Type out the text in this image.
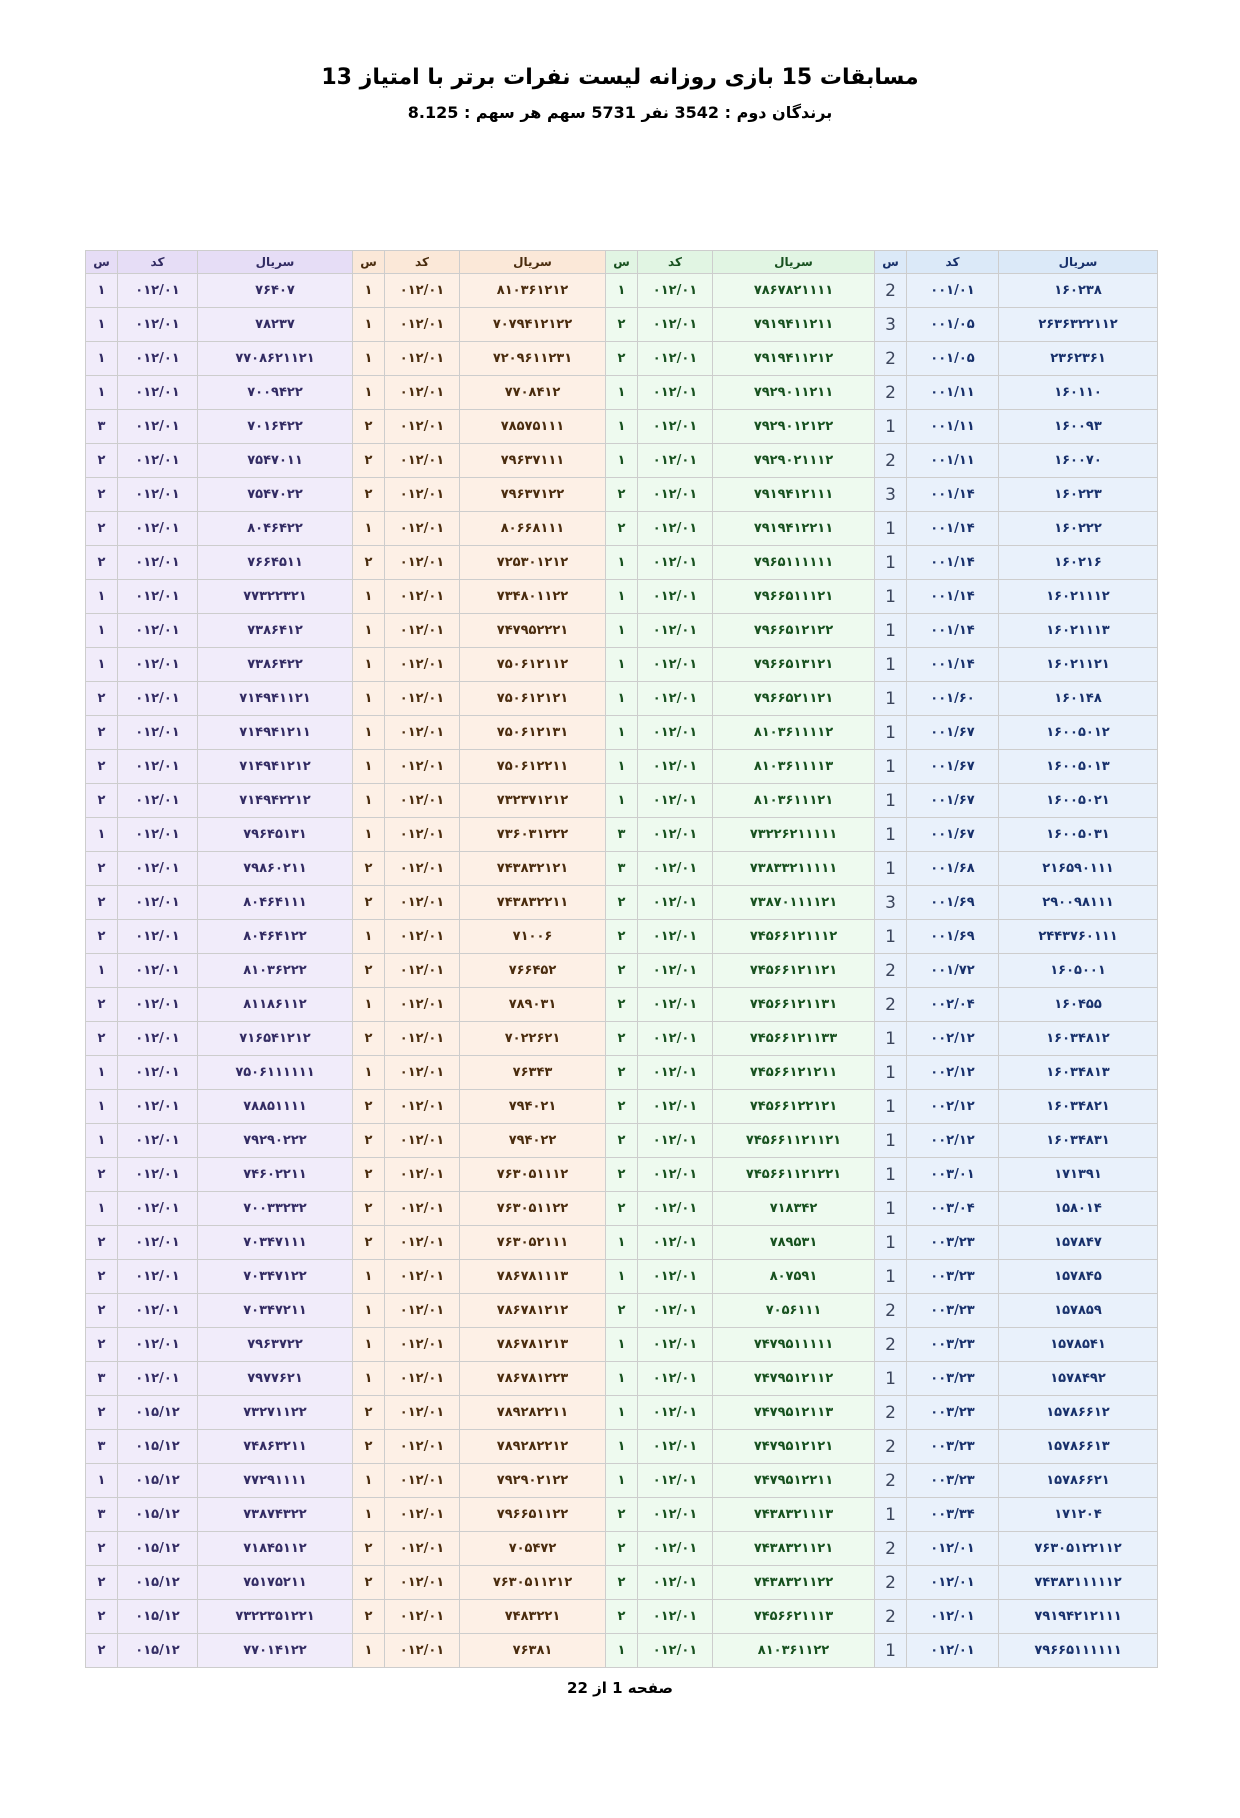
مسابقات 15 بازی روزانه لیست نفرات برتر با امتیاز 13
برندگان دوم : 3542 نفر 5731 سهم هر سهم : 8.125
س	کد	سریال	س	کد	سریال	س	کد	سریال	س	کد	سریال
۱	۰۱۲/۰۱	۷۶۴۰۷	۱	۰۱۲/۰۱	۸۱۰۳۶۱۲۱۲	۱	۰۱۲/۰۱	۷۸۶۷۸۲۱۱۱۱	2	۰۰۱/۰۱	۱۶۰۲۳۸
۱	۰۱۲/۰۱	۷۸۲۳۷	۱	۰۱۲/۰۱	۷۰۷۹۴۱۲۱۲۲	۲	۰۱۲/۰۱	۷۹۱۹۴۱۱۲۱۱	3	۰۰۱/۰۵	۲۶۳۶۳۲۲۱۱۲
۱	۰۱۲/۰۱	۷۷۰۸۶۲۱۱۲۱	۱	۰۱۲/۰۱	۷۲۰۹۶۱۱۲۳۱	۲	۰۱۲/۰۱	۷۹۱۹۴۱۱۲۱۲	2	۰۰۱/۰۵	۲۳۶۲۳۶۱
۱	۰۱۲/۰۱	۷۰۰۹۴۲۲	۱	۰۱۲/۰۱	۷۷۰۸۴۱۲	۱	۰۱۲/۰۱	۷۹۲۹۰۱۱۲۱۱	2	۰۰۱/۱۱	۱۶۰۱۱۰
۳	۰۱۲/۰۱	۷۰۱۶۴۲۲	۲	۰۱۲/۰۱	۷۸۵۷۵۱۱۱	۱	۰۱۲/۰۱	۷۹۲۹۰۱۲۱۲۲	1	۰۰۱/۱۱	۱۶۰۰۹۳
۲	۰۱۲/۰۱	۷۵۴۷۰۱۱	۲	۰۱۲/۰۱	۷۹۶۳۷۱۱۱	۱	۰۱۲/۰۱	۷۹۲۹۰۲۱۱۱۲	2	۰۰۱/۱۱	۱۶۰۰۷۰
۲	۰۱۲/۰۱	۷۵۴۷۰۲۲	۲	۰۱۲/۰۱	۷۹۶۳۷۱۲۲	۲	۰۱۲/۰۱	۷۹۱۹۴۱۲۱۱۱	3	۰۰۱/۱۴	۱۶۰۲۲۳
۲	۰۱۲/۰۱	۸۰۴۶۴۲۲	۱	۰۱۲/۰۱	۸۰۶۶۸۱۱۱	۲	۰۱۲/۰۱	۷۹۱۹۴۱۲۲۱۱	1	۰۰۱/۱۴	۱۶۰۲۲۲
۲	۰۱۲/۰۱	۷۶۶۴۵۱۱	۲	۰۱۲/۰۱	۷۲۵۳۰۱۲۱۲	۱	۰۱۲/۰۱	۷۹۶۵۱۱۱۱۱۱	1	۰۰۱/۱۴	۱۶۰۲۱۶
۱	۰۱۲/۰۱	۷۷۳۲۲۳۲۱	۱	۰۱۲/۰۱	۷۳۴۸۰۱۱۲۲	۱	۰۱۲/۰۱	۷۹۶۶۵۱۱۱۲۱	1	۰۰۱/۱۴	۱۶۰۲۱۱۱۲
۱	۰۱۲/۰۱	۷۳۸۶۴۱۲	۱	۰۱۲/۰۱	۷۴۷۹۵۲۲۲۱	۱	۰۱۲/۰۱	۷۹۶۶۵۱۲۱۲۲	1	۰۰۱/۱۴	۱۶۰۲۱۱۱۳
۱	۰۱۲/۰۱	۷۳۸۶۴۲۲	۱	۰۱۲/۰۱	۷۵۰۶۱۲۱۱۲	۱	۰۱۲/۰۱	۷۹۶۶۵۱۳۱۲۱	1	۰۰۱/۱۴	۱۶۰۲۱۱۲۱
۲	۰۱۲/۰۱	۷۱۴۹۴۱۱۲۱	۱	۰۱۲/۰۱	۷۵۰۶۱۲۱۲۱	۱	۰۱۲/۰۱	۷۹۶۶۵۲۱۱۲۱	1	۰۰۱/۶۰	۱۶۰۱۴۸
۲	۰۱۲/۰۱	۷۱۴۹۴۱۲۱۱	۱	۰۱۲/۰۱	۷۵۰۶۱۲۱۳۱	۱	۰۱۲/۰۱	۸۱۰۳۶۱۱۱۱۲	1	۰۰۱/۶۷	۱۶۰۰۵۰۱۲
۲	۰۱۲/۰۱	۷۱۴۹۴۱۲۱۲	۱	۰۱۲/۰۱	۷۵۰۶۱۲۲۱۱	۱	۰۱۲/۰۱	۸۱۰۳۶۱۱۱۱۳	1	۰۰۱/۶۷	۱۶۰۰۵۰۱۳
۲	۰۱۲/۰۱	۷۱۴۹۴۲۲۱۲	۱	۰۱۲/۰۱	۷۳۲۳۷۱۲۱۲	۱	۰۱۲/۰۱	۸۱۰۳۶۱۱۱۲۱	1	۰۰۱/۶۷	۱۶۰۰۵۰۲۱
۱	۰۱۲/۰۱	۷۹۶۴۵۱۳۱	۱	۰۱۲/۰۱	۷۳۶۰۳۱۲۲۲	۳	۰۱۲/۰۱	۷۳۲۲۶۲۱۱۱۱۱	1	۰۰۱/۶۷	۱۶۰۰۵۰۳۱
۲	۰۱۲/۰۱	۷۹۸۶۰۲۱۱	۲	۰۱۲/۰۱	۷۴۳۸۳۲۱۲۱	۳	۰۱۲/۰۱	۷۳۸۳۳۲۱۱۱۱۱	1	۰۰۱/۶۸	۲۱۶۵۹۰۱۱۱
۲	۰۱۲/۰۱	۸۰۴۶۴۱۱۱	۲	۰۱۲/۰۱	۷۴۳۸۳۲۲۱۱	۲	۰۱۲/۰۱	۷۳۸۷۰۱۱۱۱۲۱	3	۰۰۱/۶۹	۲۹۰۰۹۸۱۱۱
۲	۰۱۲/۰۱	۸۰۴۶۴۱۲۲	۱	۰۱۲/۰۱	۷۱۰۰۶	۲	۰۱۲/۰۱	۷۴۵۶۶۱۲۱۱۱۲	1	۰۰۱/۶۹	۲۴۴۳۷۶۰۱۱۱
۱	۰۱۲/۰۱	۸۱۰۳۶۲۲۲	۲	۰۱۲/۰۱	۷۶۶۴۵۲	۲	۰۱۲/۰۱	۷۴۵۶۶۱۲۱۱۲۱	2	۰۰۱/۷۲	۱۶۰۵۰۰۱
۲	۰۱۲/۰۱	۸۱۱۸۶۱۱۲	۱	۰۱۲/۰۱	۷۸۹۰۳۱	۲	۰۱۲/۰۱	۷۴۵۶۶۱۲۱۱۳۱	2	۰۰۲/۰۴	۱۶۰۴۵۵
۲	۰۱۲/۰۱	۷۱۶۵۴۱۲۱۲	۲	۰۱۲/۰۱	۷۰۲۲۶۲۱	۲	۰۱۲/۰۱	۷۴۵۶۶۱۲۱۱۳۳	1	۰۰۲/۱۲	۱۶۰۳۴۸۱۲
۱	۰۱۲/۰۱	۷۵۰۶۱۱۱۱۱۱	۱	۰۱۲/۰۱	۷۶۳۴۳	۲	۰۱۲/۰۱	۷۴۵۶۶۱۲۱۲۱۱	1	۰۰۲/۱۲	۱۶۰۳۴۸۱۳
۱	۰۱۲/۰۱	۷۸۸۵۱۱۱۱	۲	۰۱۲/۰۱	۷۹۴۰۲۱	۲	۰۱۲/۰۱	۷۴۵۶۶۱۲۲۱۲۱	1	۰۰۲/۱۲	۱۶۰۳۴۸۲۱
۱	۰۱۲/۰۱	۷۹۲۹۰۲۲۲	۲	۰۱۲/۰۱	۷۹۴۰۲۲	۲	۰۱۲/۰۱	۷۴۵۶۶۱۱۲۱۱۲۱	1	۰۰۲/۱۲	۱۶۰۳۴۸۳۱
۲	۰۱۲/۰۱	۷۴۶۰۲۲۱۱	۲	۰۱۲/۰۱	۷۶۳۰۵۱۱۱۲	۲	۰۱۲/۰۱	۷۴۵۶۶۱۱۲۱۲۲۱	1	۰۰۳/۰۱	۱۷۱۳۹۱
۱	۰۱۲/۰۱	۷۰۰۳۳۲۳۲	۲	۰۱۲/۰۱	۷۶۳۰۵۱۱۲۲	۲	۰۱۲/۰۱	۷۱۸۳۴۲	1	۰۰۳/۰۴	۱۵۸۰۱۴
۲	۰۱۲/۰۱	۷۰۳۴۷۱۱۱	۲	۰۱۲/۰۱	۷۶۳۰۵۲۱۱۱	۱	۰۱۲/۰۱	۷۸۹۵۳۱	1	۰۰۳/۲۳	۱۵۷۸۴۷
۲	۰۱۲/۰۱	۷۰۳۴۷۱۲۲	۱	۰۱۲/۰۱	۷۸۶۷۸۱۱۱۳	۱	۰۱۲/۰۱	۸۰۷۵۹۱	1	۰۰۳/۲۳	۱۵۷۸۴۵
۲	۰۱۲/۰۱	۷۰۳۴۷۲۱۱	۱	۰۱۲/۰۱	۷۸۶۷۸۱۲۱۲	۲	۰۱۲/۰۱	۷۰۵۶۱۱۱	2	۰۰۳/۲۳	۱۵۷۸۵۹
۲	۰۱۲/۰۱	۷۹۶۳۷۲۲	۱	۰۱۲/۰۱	۷۸۶۷۸۱۲۱۳	۱	۰۱۲/۰۱	۷۴۷۹۵۱۱۱۱۱	2	۰۰۳/۲۳	۱۵۷۸۵۴۱
۳	۰۱۲/۰۱	۷۹۷۷۶۲۱	۱	۰۱۲/۰۱	۷۸۶۷۸۱۲۲۳	۱	۰۱۲/۰۱	۷۴۷۹۵۱۲۱۱۲	1	۰۰۳/۲۳	۱۵۷۸۴۹۲
۲	۰۱۵/۱۲	۷۳۲۷۱۱۲۲	۲	۰۱۲/۰۱	۷۸۹۲۸۲۲۱۱	۱	۰۱۲/۰۱	۷۴۷۹۵۱۲۱۱۳	2	۰۰۳/۲۳	۱۵۷۸۶۶۱۲
۳	۰۱۵/۱۲	۷۴۸۶۳۲۱۱	۲	۰۱۲/۰۱	۷۸۹۲۸۲۲۱۲	۱	۰۱۲/۰۱	۷۴۷۹۵۱۲۱۲۱	2	۰۰۳/۲۳	۱۵۷۸۶۶۱۳
۱	۰۱۵/۱۲	۷۷۲۹۱۱۱۱	۱	۰۱۲/۰۱	۷۹۲۹۰۲۱۲۲	۱	۰۱۲/۰۱	۷۴۷۹۵۱۲۲۱۱	2	۰۰۳/۲۳	۱۵۷۸۶۶۲۱
۳	۰۱۵/۱۲	۷۳۸۷۴۳۲۲	۱	۰۱۲/۰۱	۷۹۶۶۵۱۱۲۲	۲	۰۱۲/۰۱	۷۴۳۸۳۲۱۱۱۳	1	۰۰۳/۳۴	۱۷۱۲۰۴
۲	۰۱۵/۱۲	۷۱۸۴۵۱۱۲	۲	۰۱۲/۰۱	۷۰۵۴۷۲	۲	۰۱۲/۰۱	۷۴۳۸۳۲۱۱۲۱	2	۰۱۲/۰۱	۷۶۳۰۵۱۲۲۱۱۲
۲	۰۱۵/۱۲	۷۵۱۷۵۲۱۱	۲	۰۱۲/۰۱	۷۶۳۰۵۱۱۲۱۲	۲	۰۱۲/۰۱	۷۴۳۸۳۲۱۱۲۲	2	۰۱۲/۰۱	۷۴۳۸۳۱۱۱۱۱۲
۲	۰۱۵/۱۲	۷۳۲۲۳۵۱۲۲۱	۲	۰۱۲/۰۱	۷۴۸۳۲۲۱	۲	۰۱۲/۰۱	۷۴۵۶۶۲۱۱۱۳	2	۰۱۲/۰۱	۷۹۱۹۴۲۱۲۱۱۱
۲	۰۱۵/۱۲	۷۷۰۱۴۱۲۲	۱	۰۱۲/۰۱	۷۶۳۸۱	۱	۰۱۲/۰۱	۸۱۰۳۶۱۱۲۲	1	۰۱۲/۰۱	۷۹۶۶۵۱۱۱۱۱۱
صفحه 1 از 22
